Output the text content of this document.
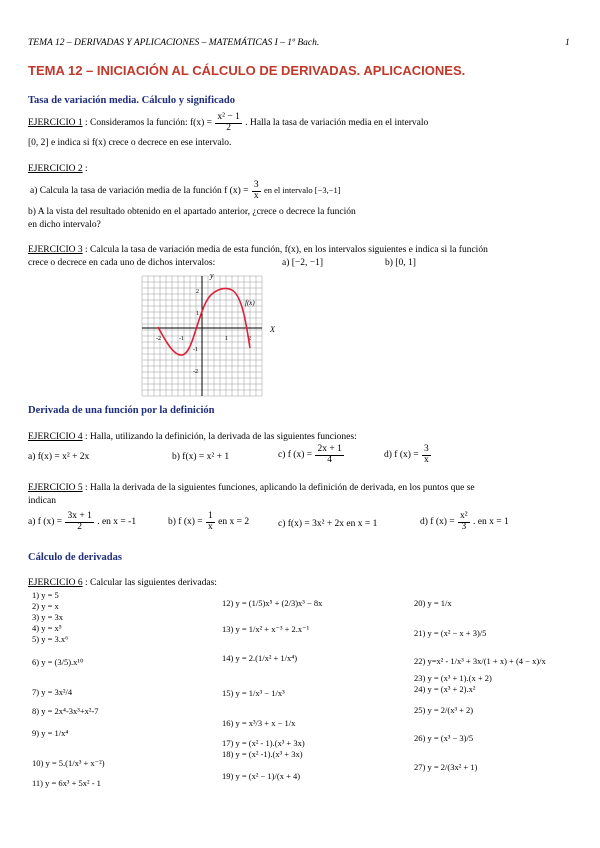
TEMA 12 – DERIVADAS Y APLICACIONES – MATEMÁTICAS I – 1º Bach.	1
TEMA 12 – INICIACIÓN AL CÁLCULO DE DERIVADAS. APLICACIONES.
Tasa de variación media. Cálculo y significado
EJERCICIO 1 : Consideramos la función: $f(x) = \frac{\text{x² − 1}}{2}$ . Halla la tasa de variación media en el intervalo
[0, 2] e indica si f(x) crece o decrece en ese intervalo.
EJERCICIO 2 :
a) Calcula la tasa de variación media de la función f $(x) = \frac{3}{x}$ en el intervalo [−3,−1]
b) A la vista del resultado obtenido en el apartado anterior, ¿crece o decrece la función
en dicho intervalo?
EJERCICIO 3 : Calcula la tasa de variación media de esta función, f(x), en los intervalos siguientes e indica si la función
crece o decrece en cada uno de dichos intervalos:	a) [−2, −1]	b) [0, 1]
y
X
f(x)
-2	-1	1	2
2
1
-1
-2
Derivada de una función por la definición
EJERCICIO 4 : Halla, utilizando la definición, la derivada de las siguientes funciones:
a) f(x) = x² + 2x	b) f(x) = x² + 1	c) f $(x) = \frac{2x + 1}{4}$	d) f $(x) = \frac{3}{x}$
EJERCICIO 5 : Halla la derivada de la siguientes funciones, aplicando la definición de derivada, en los puntos que se
indican
a) f $(x) = \frac{3x + 1}{2}$ . en x = -1	b) f $(x) = \frac{1}{x}$ en x = 2	c) f(x) = 3x² + 2x en x = 1	d) f $(x) = \frac{\text{x²}}{3}$ . en x = 1
Cálculo de derivadas
EJERCICIO 6 : Calcular las siguientes derivadas:
1) y = 5
2) y = x
3) y = 3x
4) y = x⁵
5) y = 3.x⁶
6) y = (3/5).x¹⁰
7) y = 3x²/4
8) y = 2x⁴-3x³+x²-7
9) y = 1/x⁴
10) y = 5.(1/x³ + x⁻²)
11) y = 6x³ + 5x² - 1
12) y = (1/5)x⁵ + (2/3)x³ − 8x
13) y = 1/x² + x⁻³ + 2.x⁻¹
14) y = 2.(1/x² + 1/x⁴)
15) y = 1/x³ − 1/x³
16) y = x³/3 + x − 1/x
17) y = (x² - 1).(x³ + 3x)
18) y = (x² -1).(x³ + 3x)
19) y = (x² − 1)/(x + 4)
20) y = 1/x
21) y = (x² − x + 3)/5
22) y=x² - 1/x³ + 3x/(1 + x) + (4 − x)/x
23) y = (x³ + 1).(x + 2)
24) y = (x³ + 2).x²
25) y = 2/(x³ + 2)
26) y = (x³ − 3)/5
27) y = 2/(3x² + 1)
